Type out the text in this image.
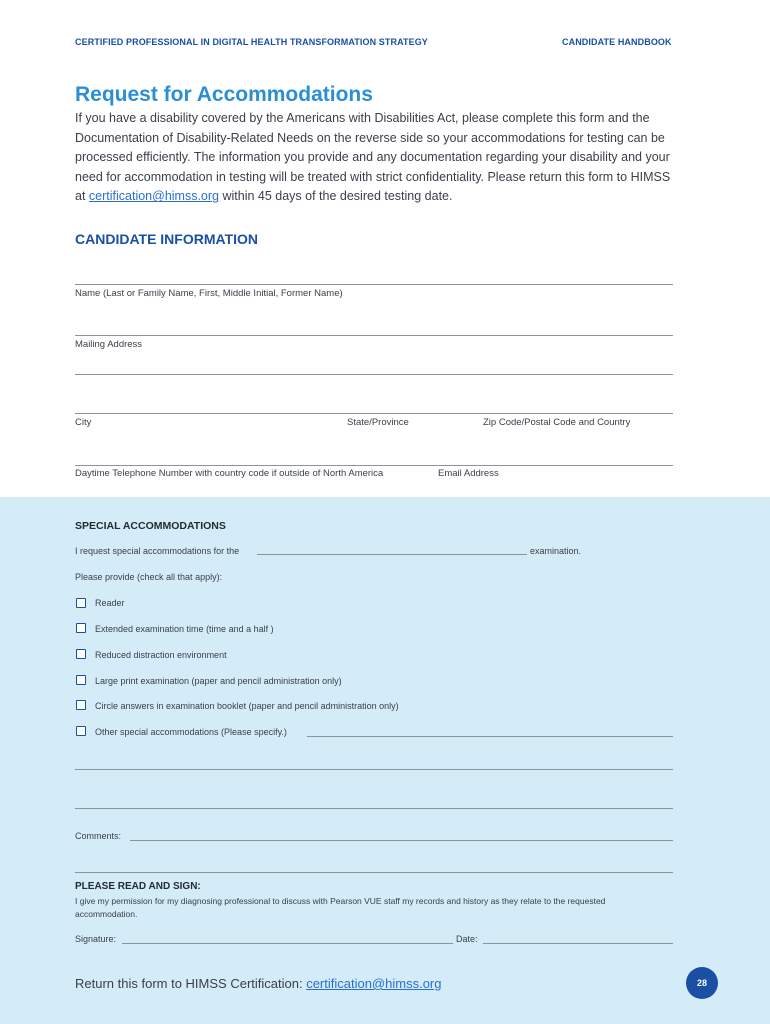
CERTIFIED PROFESSIONAL IN DIGITAL HEALTH TRANSFORMATION STRATEGY	CANDIDATE HANDBOOK
Request for Accommodations
If you have a disability covered by the Americans with Disabilities Act, please complete this form and the Documentation of Disability-Related Needs on the reverse side so your accommodations for testing can be processed efficiently. The information you provide and any documentation regarding your disability and your need for accommodation in testing will be treated with strict confidentiality. Please return this form to HIMSS at certification@himss.org within 45 days of the desired testing date.
CANDIDATE INFORMATION
Name (Last or Family Name, First, Middle Initial, Former Name)
Mailing Address
City	State/Province	Zip Code/Postal Code and Country
Daytime Telephone Number with country code if outside of North America	Email Address
SPECIAL ACCOMMODATIONS
I request special accommodations for the	examination.
Please provide (check all that apply):
Reader
Extended examination time (time and a half )
Reduced distraction environment
Large print examination (paper and pencil administration only)
Circle answers in examination booklet (paper and pencil administration only)
Other special accommodations (Please specify.)
Comments:
PLEASE READ AND SIGN:
I give my permission for my diagnosing professional to discuss with Pearson VUE staff my records and history as they relate to the requested accommodation.
Signature:	Date:
Return this form to HIMSS Certification: certification@himss.org	28
